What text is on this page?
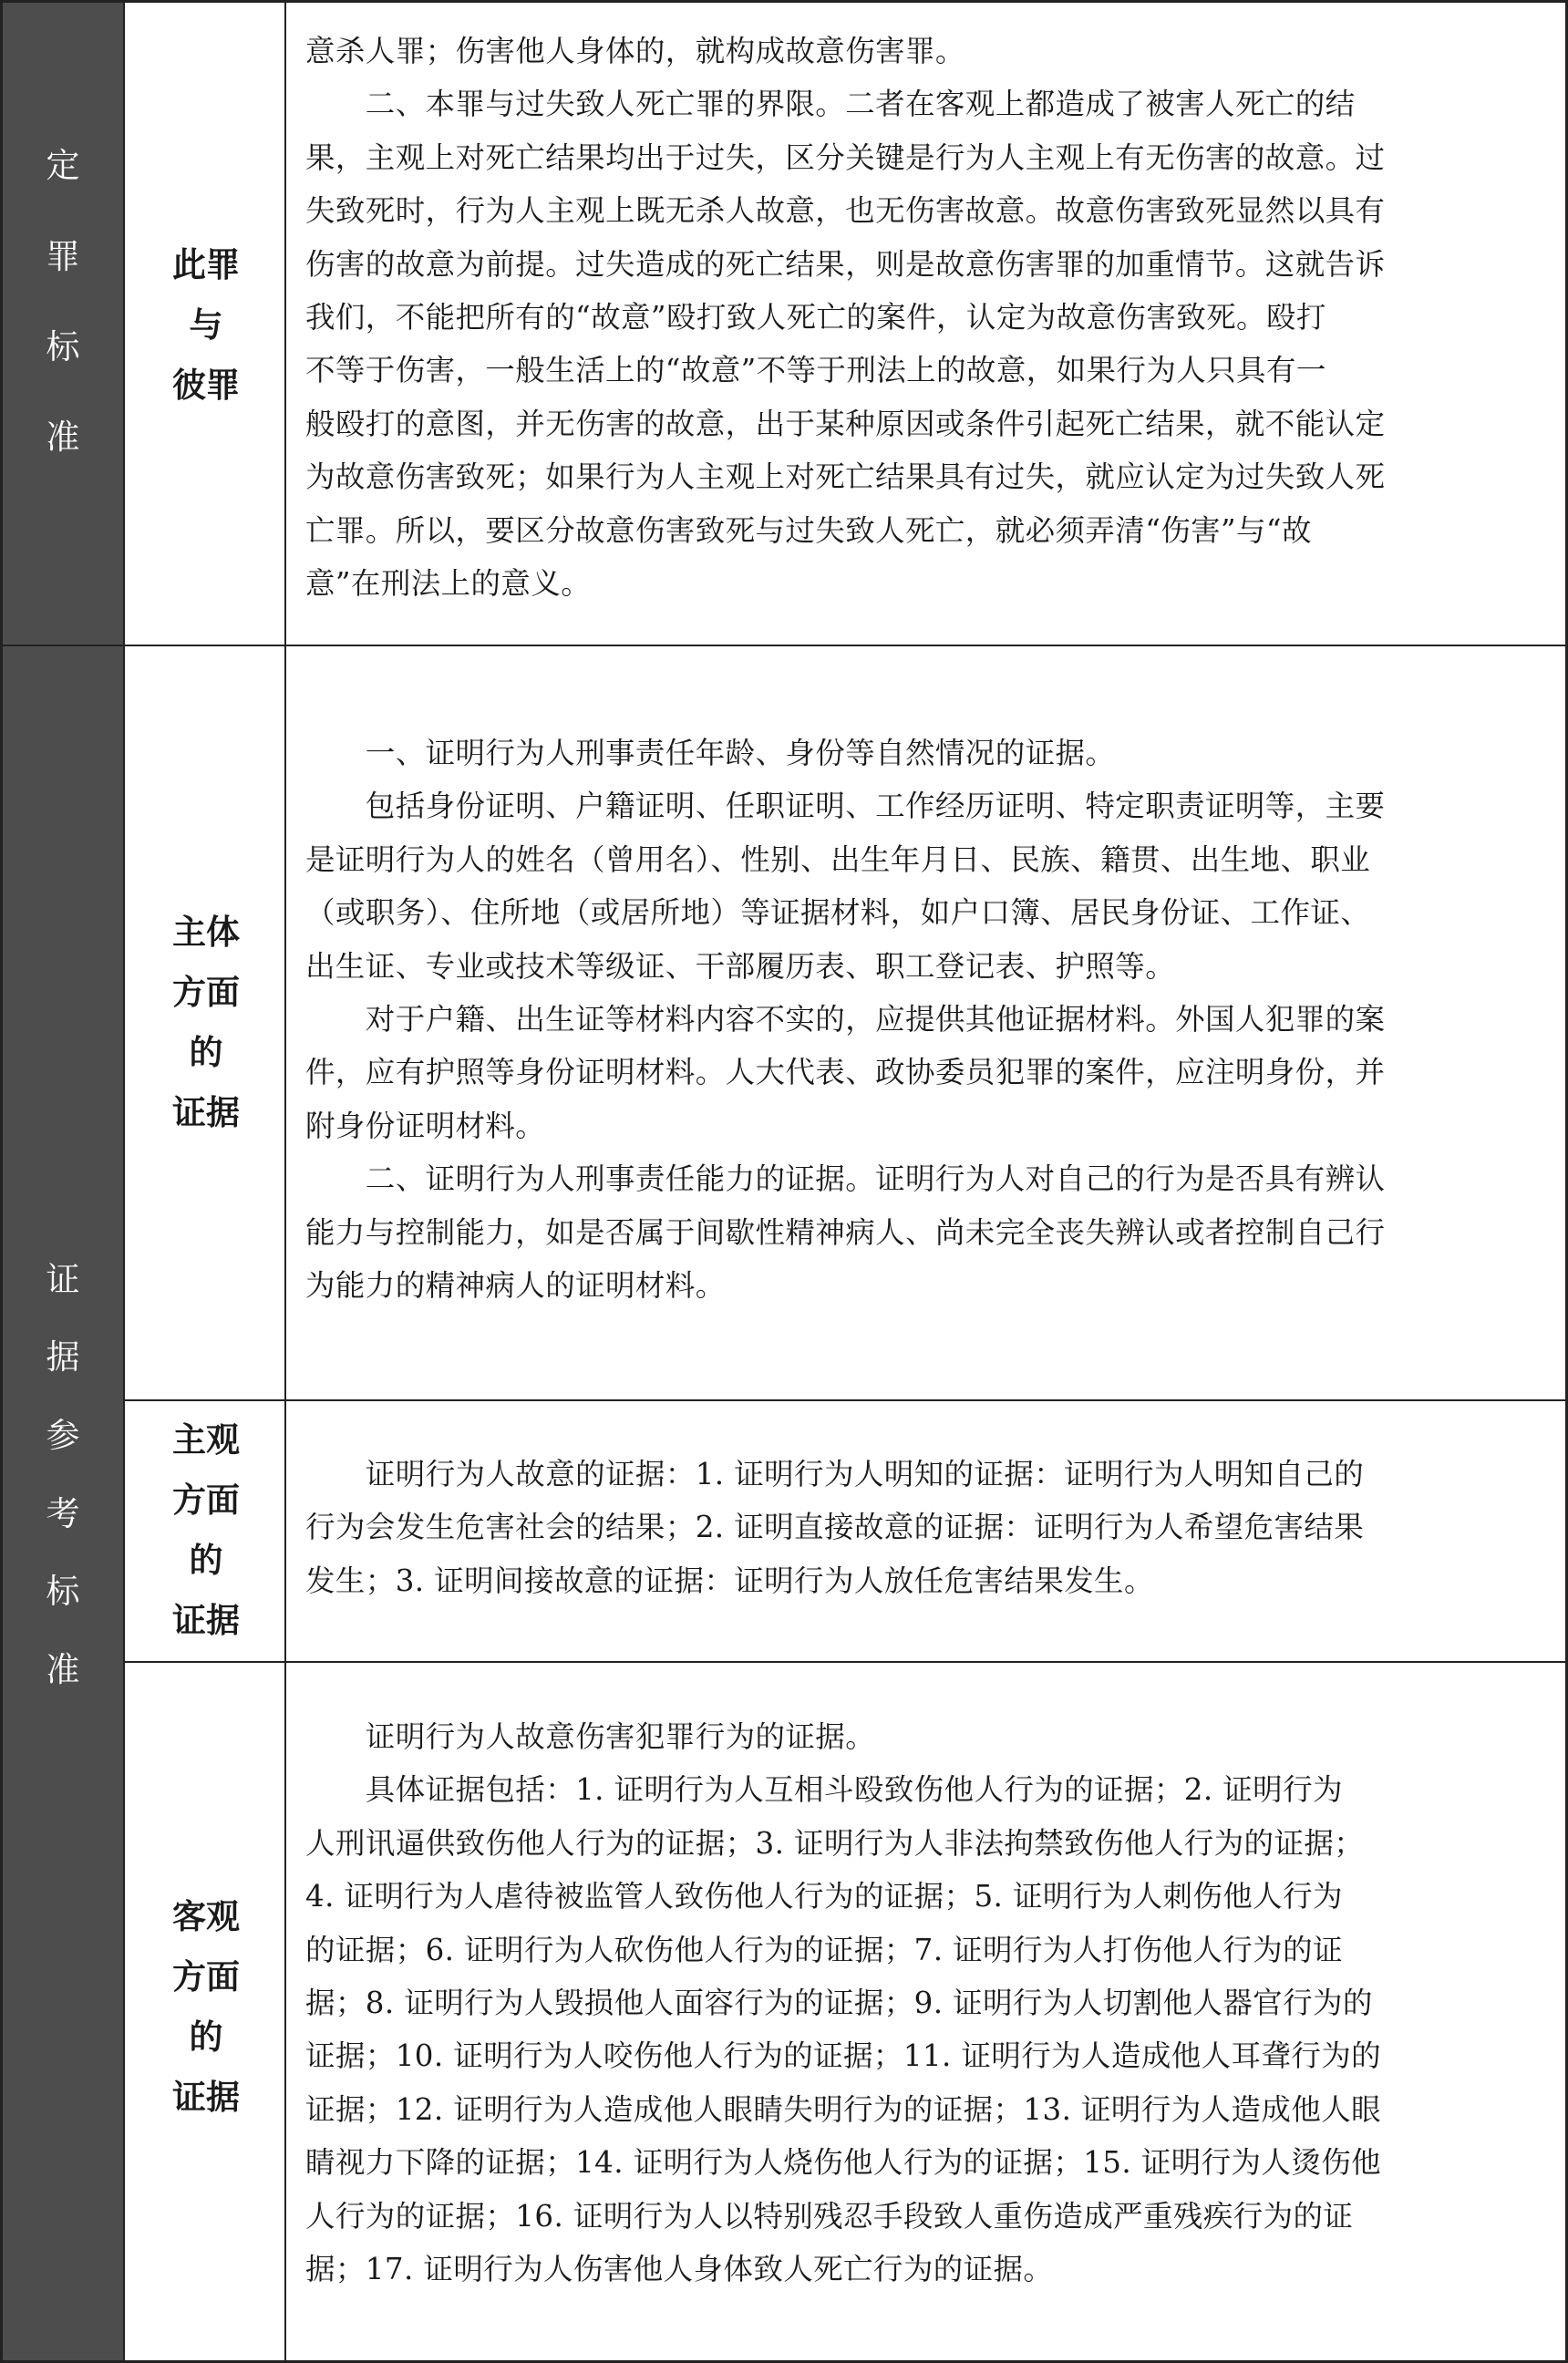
定
罪
标
准
证
据
参
考
标
准
此罪
与
彼罪
主体
方面
的
证据
主观
方面
的
证据
客观
方面
的
证据
意杀人罪；伤害他人身体的，就构成故意伤害罪。
　　二、本罪与过失致人死亡罪的界限。二者在客观上都造成了被害人死亡的结
果，主观上对死亡结果均出于过失，区分关键是行为人主观上有无伤害的故意。过
失致死时，行为人主观上既无杀人故意，也无伤害故意。故意伤害致死显然以具有
伤害的故意为前提。过失造成的死亡结果，则是故意伤害罪的加重情节。这就告诉
我们，不能把所有的“故意”殴打致人死亡的案件，认定为故意伤害致死。殴打
不等于伤害，一般生活上的“故意”不等于刑法上的故意，如果行为人只具有一
般殴打的意图，并无伤害的故意，出于某种原因或条件引起死亡结果，就不能认定
为故意伤害致死；如果行为人主观上对死亡结果具有过失，就应认定为过失致人死
亡罪。所以，要区分故意伤害致死与过失致人死亡，就必须弄清“伤害”与“故
意”在刑法上的意义。
　　一、证明行为人刑事责任年龄、身份等自然情况的证据。
　　包括身份证明、户籍证明、任职证明、工作经历证明、特定职责证明等，主要
是证明行为人的姓名（曾用名）、性别、出生年月日、民族、籍贯、出生地、职业
（或职务）、住所地（或居所地）等证据材料，如户口簿、居民身份证、工作证、
出生证、专业或技术等级证、干部履历表、职工登记表、护照等。
　　对于户籍、出生证等材料内容不实的，应提供其他证据材料。外国人犯罪的案
件，应有护照等身份证明材料。人大代表、政协委员犯罪的案件，应注明身份，并
附身份证明材料。
　　二、证明行为人刑事责任能力的证据。证明行为人对自己的行为是否具有辨认
能力与控制能力，如是否属于间歇性精神病人、尚未完全丧失辨认或者控制自己行
为能力的精神病人的证明材料。
　　证明行为人故意的证据：1. 证明行为人明知的证据：证明行为人明知自己的
行为会发生危害社会的结果；2. 证明直接故意的证据：证明行为人希望危害结果
发生；3. 证明间接故意的证据：证明行为人放任危害结果发生。
　　证明行为人故意伤害犯罪行为的证据。
　　具体证据包括：1. 证明行为人互相斗殴致伤他人行为的证据；2. 证明行为
人刑讯逼供致伤他人行为的证据；3. 证明行为人非法拘禁致伤他人行为的证据；
4. 证明行为人虐待被监管人致伤他人行为的证据；5. 证明行为人刺伤他人行为
的证据；6. 证明行为人砍伤他人行为的证据；7. 证明行为人打伤他人行为的证
据；8. 证明行为人毁损他人面容行为的证据；9. 证明行为人切割他人器官行为的
证据；10. 证明行为人咬伤他人行为的证据；11. 证明行为人造成他人耳聋行为的
证据；12. 证明行为人造成他人眼睛失明行为的证据；13. 证明行为人造成他人眼
睛视力下降的证据；14. 证明行为人烧伤他人行为的证据；15. 证明行为人烫伤他
人行为的证据；16. 证明行为人以特别残忍手段致人重伤造成严重残疾行为的证
据；17. 证明行为人伤害他人身体致人死亡行为的证据。
